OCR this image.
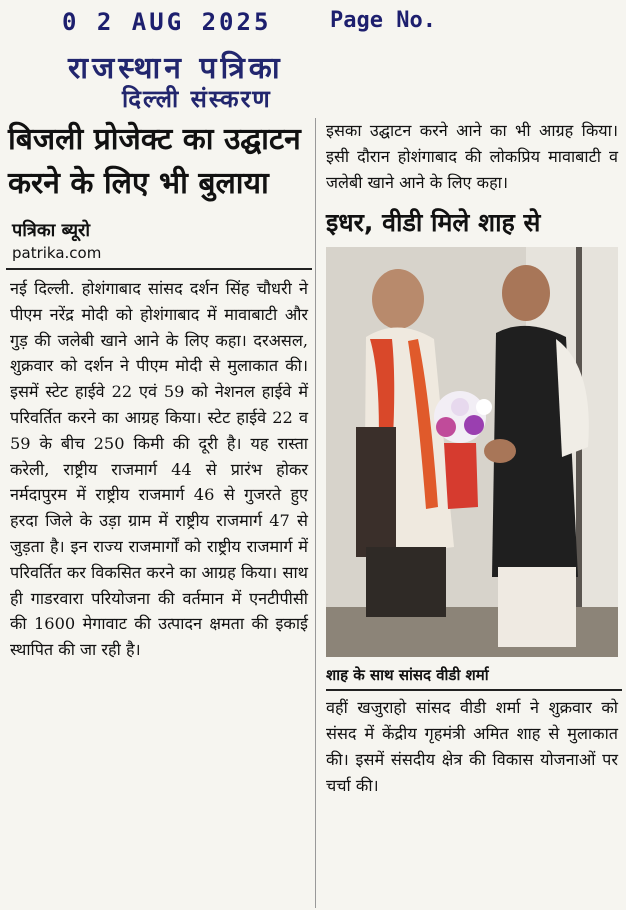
0 2 AUG 2025	Page No.
राजस्थान पत्रिका
दिल्ली संस्करण
बिजली प्रोजेक्ट का उद्घाटन करने के लिए भी बुलाया
पत्रिका ब्यूरो
patrika.com

नई दिल्ली. होशंगाबाद सांसद दर्शन सिंह चौधरी ने पीएम नरेंद्र मोदी को होशंगाबाद में मावाबाटी और गुड़ की जलेबी खाने आने के लिए कहा। दरअसल, शुक्रवार को दर्शन ने पीएम मोदी से मुलाकात की। इसमें स्टेट हाईवे 22 एवं 59 को नेशनल हाईवे में परिवर्तित करने का आग्रह किया। स्टेट हाईवे 22 व 59 के बीच 250 किमी की दूरी है। यह रास्ता करेली, राष्ट्रीय राजमार्ग 44 से प्रारंभ होकर नर्मदापुरम में राष्ट्रीय राजमार्ग 46 से गुजरते हुए हरदा जिले के उड़ा ग्राम में राष्ट्रीय राजमार्ग 47 से जुड़ता है। इन राज्य राजमार्गों को राष्ट्रीय राजमार्ग में परिवर्तित कर विकसित करने का आग्रह किया। साथ ही गाडरवारा परियोजना की वर्तमान में एनटीपीसी की 1600 मेगावाट की उत्पादन क्षमता की इकाई स्थापित की जा रही है।

इसका उद्घाटन करने आने का भी आग्रह किया। इसी दौरान होशंगाबाद की लोकप्रिय मावाबाटी व जलेबी खाने आने के लिए कहा।

इधर, वीडी मिले शाह से
शाह के साथ सांसद वीडी शर्मा

वहीं खजुराहो सांसद वीडी शर्मा ने शुक्रवार को संसद में केंद्रीय गृहमंत्री अमित शाह से मुलाकात की। इसमें संसदीय क्षेत्र की विकास योजनाओं पर चर्चा की।
